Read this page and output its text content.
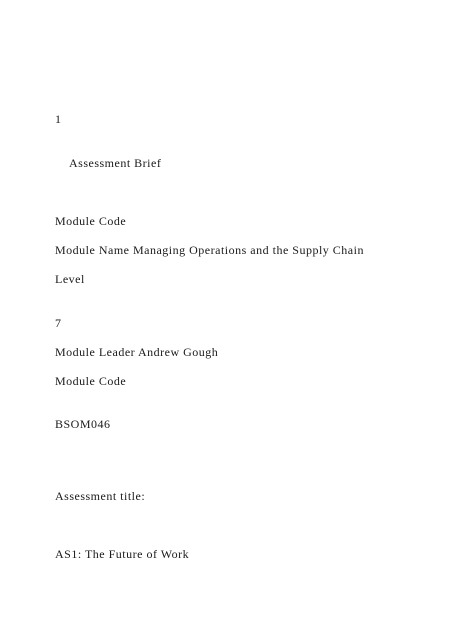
1
Assessment Brief
Module Code
Module Name Managing Operations and the Supply Chain
Level
7
Module Leader Andrew Gough
Module Code
BSOM046
Assessment title:
AS1: The Future of Work
